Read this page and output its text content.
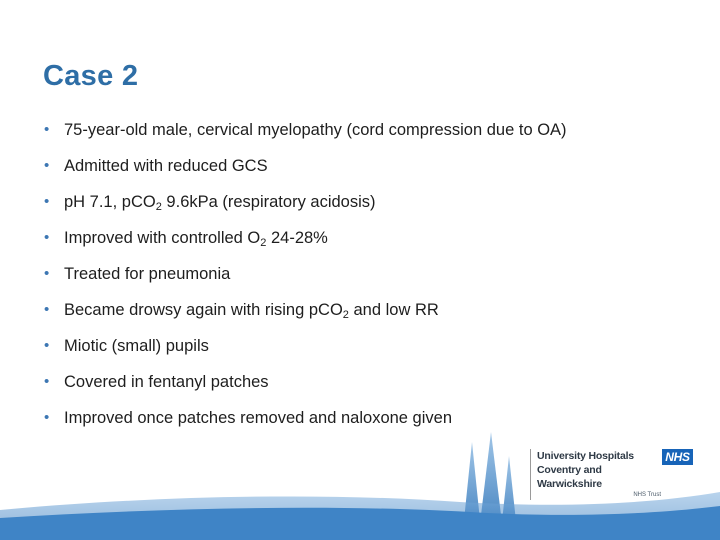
Case 2
• 75-year-old male, cervical myelopathy (cord compression due to OA)
• Admitted with reduced GCS
• pH 7.1, pCO$_2$ 9.6kPa (respiratory acidosis)
• Improved with controlled $O_2$ 24-28%
• Treated for pneumonia
• Became drowsy again with rising pCO$_2$ and low RR
• Miotic (small) pupils
• Covered in fentanyl patches
• Improved once patches removed and naloxone given
University Hospitals
Coventry and Warwickshire
NHS Trust
NHS
